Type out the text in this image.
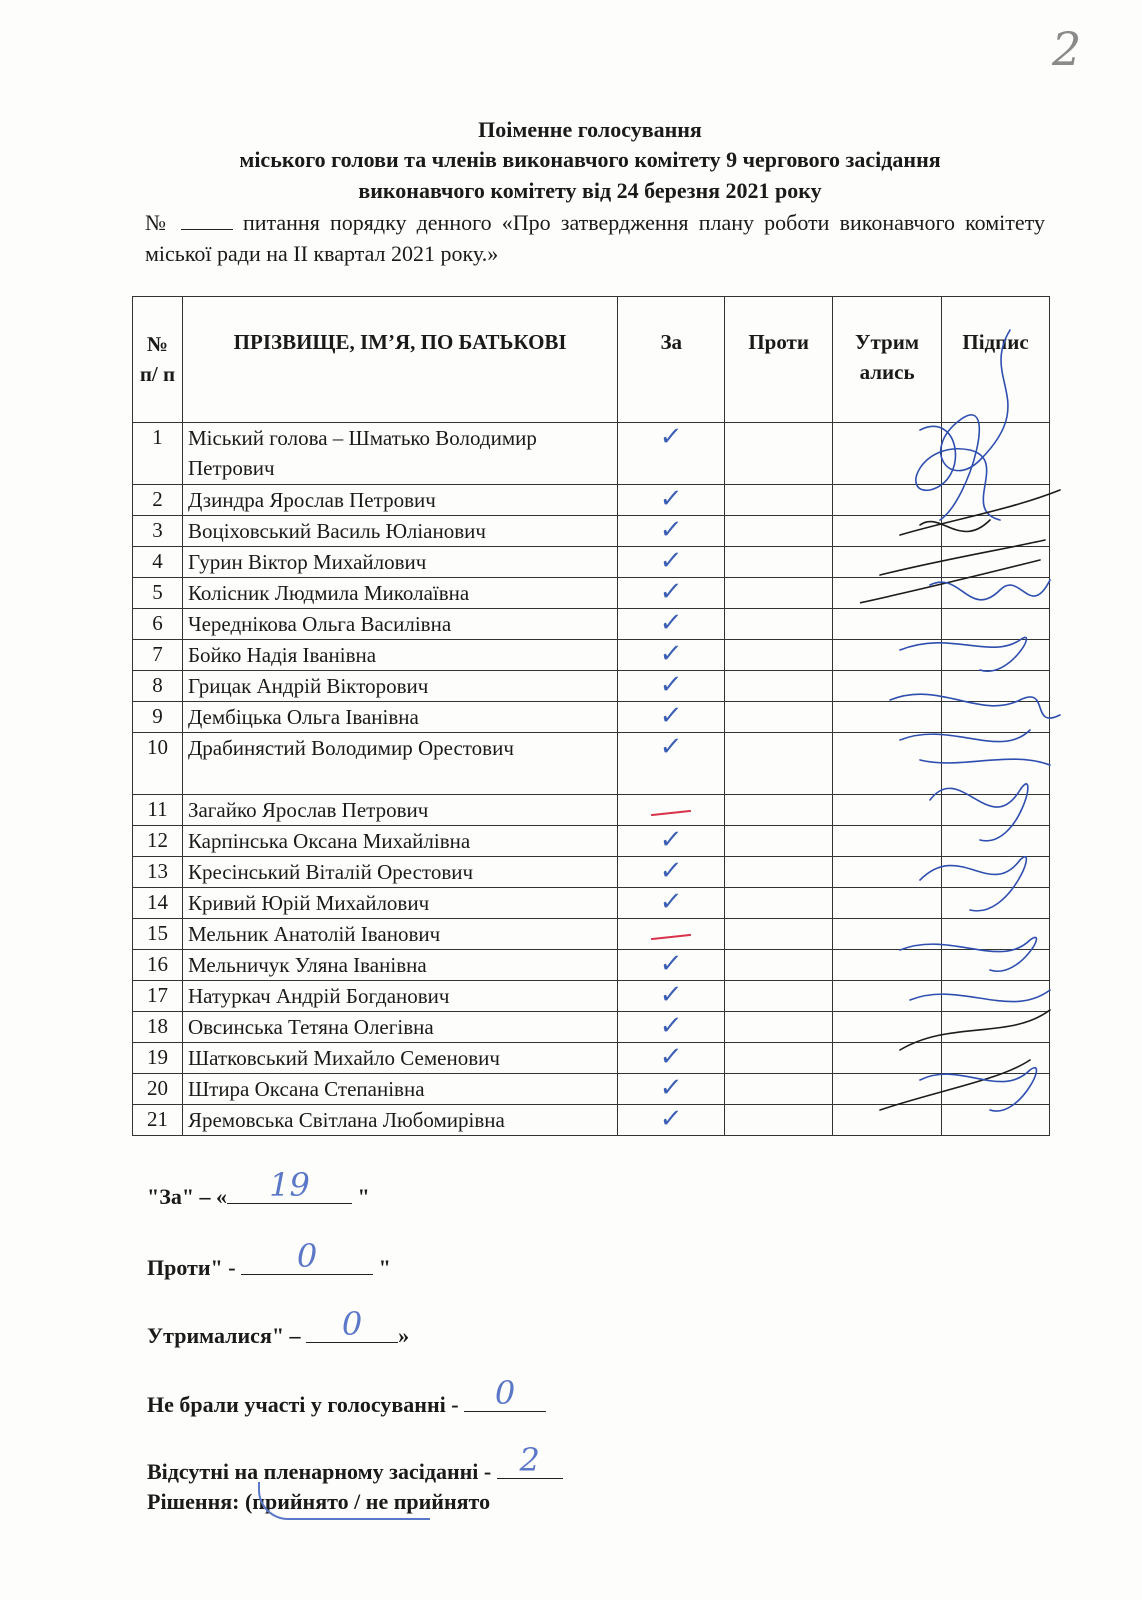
2
Поіменне голосування
міського голови та членів виконавчого комітету 9 чергового засідання
виконавчого комітету від 24 березня 2021 року
№	питання порядку денного «Про затвердження плану роботи виконавчого комітету міської ради на II квартал 2021 року.»
№ п/ п	ПРІЗВИЩЕ, ІМ’Я, ПО БАТЬКОВІ	За	Проти	Утрим ались	Підпис
1	Міський голова – Шматько Володимир Петрович	✓			
2	Дзиндра Ярослав Петрович	✓			
3	Воціховський Василь Юліанович	✓			
4	Гурин Віктор Михайлович	✓			
5	Колісник Людмила Миколаївна	✓			
6	Череднікова Ольга Василівна	✓			
7	Бойко Надія Іванівна	✓			
8	Грицак Андрій Вікторович	✓			
9	Дембіцька Ольга Іванівна	✓			
10	Драбинястий Володимир Орестович	✓			
11	Загайко Ярослав Петрович				
12	Карпінська Оксана Михайлівна	✓			
13	Кресінський Віталій Орестович	✓			
14	Кривий Юрій Михайлович	✓			
15	Мельник Анатолій Іванович				
16	Мельничук Уляна Іванівна	✓			
17	Натуркач Андрій Богданович	✓			
18	Овсинська Тетяна Олегівна	✓			
19	Шатковський Михайло Семенович	✓			
20	Штира Оксана Степанівна	✓			
21	Яремовська Світлана Любомирівна	✓			
"За" – «	19	"
Проти" -	0	"
Утрималися" –	0	»
Не брали участі у голосуванні - 0
Відсутні на пленарному засіданні - 2
Рішення: (прийнято / не прийнято
